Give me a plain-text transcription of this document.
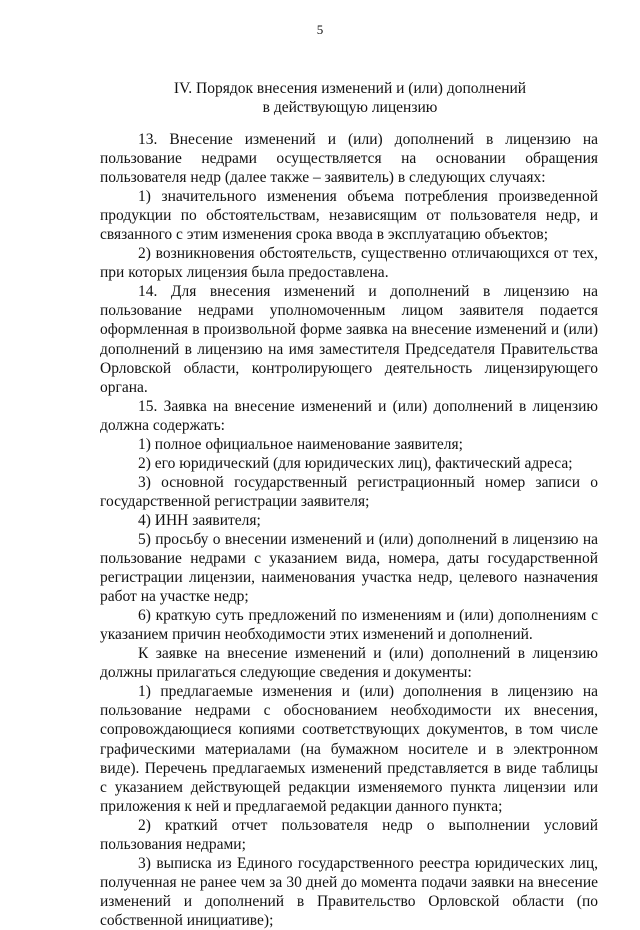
5
IV. Порядок внесения изменений и (или) дополнений
в действующую лицензию

13. Внесение изменений и (или) дополнений в лицензию на пользование недрами осуществляется на основании обращения пользователя недр (далее также – заявитель) в следующих случаях:

1) значительного изменения объема потребления произведенной продукции по обстоятельствам, независящим от пользователя недр, и связанного с этим изменения срока ввода в эксплуатацию объектов;

2) возникновения обстоятельств, существенно отличающихся от тех, при которых лицензия была предоставлена.

14. Для внесения изменений и дополнений в лицензию на пользование недрами уполномоченным лицом заявителя подается оформленная в произвольной форме заявка на внесение изменений и (или) дополнений в лицензию на имя заместителя Председателя Правительства Орловской области, контролирующего деятельность лицензирующего органа.

15. Заявка на внесение изменений и (или) дополнений в лицензию должна содержать:

1) полное официальное наименование заявителя;

2) его юридический (для юридических лиц), фактический адреса;

3) основной государственный регистрационный номер записи о государственной регистрации заявителя;

4) ИНН заявителя;

5) просьбу о внесении изменений и (или) дополнений в лицензию на пользование недрами с указанием вида, номера, даты государственной регистрации лицензии, наименования участка недр, целевого назначения работ на участке недр;

6) краткую суть предложений по изменениям и (или) дополнениям с указанием причин необходимости этих изменений и дополнений.

К заявке на внесение изменений и (или) дополнений в лицензию должны прилагаться следующие сведения и документы:

1) предлагаемые изменения и (или) дополнения в лицензию на пользование недрами с обоснованием необходимости их внесения, сопровождающиеся копиями соответствующих документов, в том числе графическими материалами (на бумажном носителе и в электронном виде). Перечень предлагаемых изменений представляется в виде таблицы с указанием действующей редакции изменяемого пункта лицензии или приложения к ней и предлагаемой редакции данного пункта;

2) краткий отчет пользователя недр о выполнении условий пользования недрами;

3) выписка из Единого государственного реестра юридических лиц, полученная не ранее чем за 30 дней до момента подачи заявки на внесение изменений и дополнений в Правительство Орловской области (по собственной инициативе);
